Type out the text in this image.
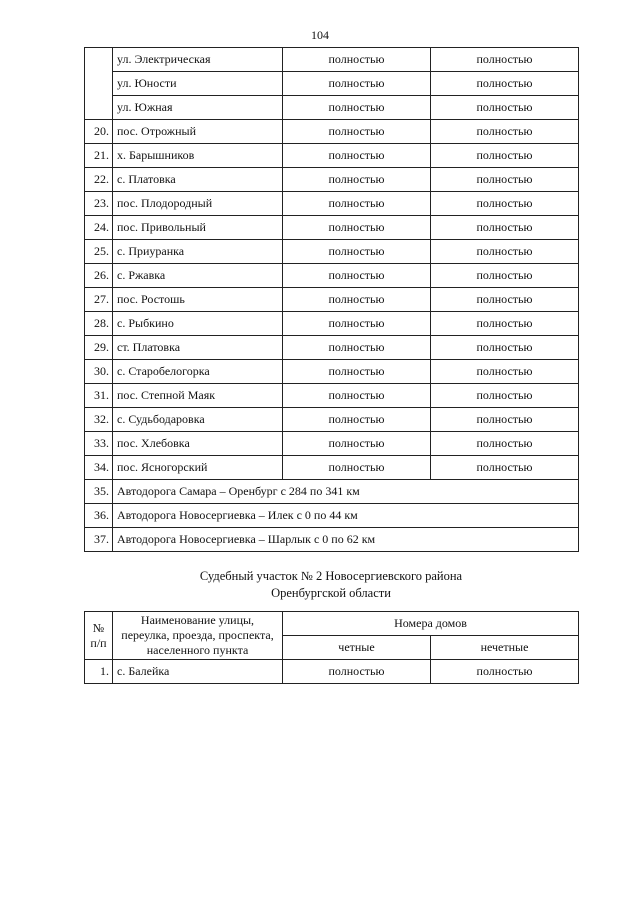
104
	ул. Электрическая	полностью	полностью
	ул. Юности	полностью	полностью
	ул. Южная	полностью	полностью
20.	пос. Отрожный	полностью	полностью
21.	х. Барышников	полностью	полностью
22.	с. Платовка	полностью	полностью
23.	пос. Плодородный	полностью	полностью
24.	пос. Привольный	полностью	полностью
25.	с. Приуранка	полностью	полностью
26.	с. Ржавка	полностью	полностью
27.	пос. Ростошь	полностью	полностью
28.	с. Рыбкино	полностью	полностью
29.	ст. Платовка	полностью	полностью
30.	с. Старобелогорка	полностью	полностью
31.	пос. Степной Маяк	полностью	полностью
32.	с. Судьбодаровка	полностью	полностью
33.	пос. Хлебовка	полностью	полностью
34.	пос. Ясногорский	полностью	полностью
35.	Автодорога Самара – Оренбург с 284 по 341 км		
36.	Автодорога Новосергиевка – Илек с 0 по 44 км		
37.	Автодорога Новосергиевка – Шарлык с 0 по 62 км		
Судебный участок № 2 Новосергиевского района
Оренбургской области
№ п/п	Наименование улицы, переулка, проезда, проспекта, населенного пункта	Номера домов	
		четные	нечетные
1.	с. Балейка	полностью	полностью
